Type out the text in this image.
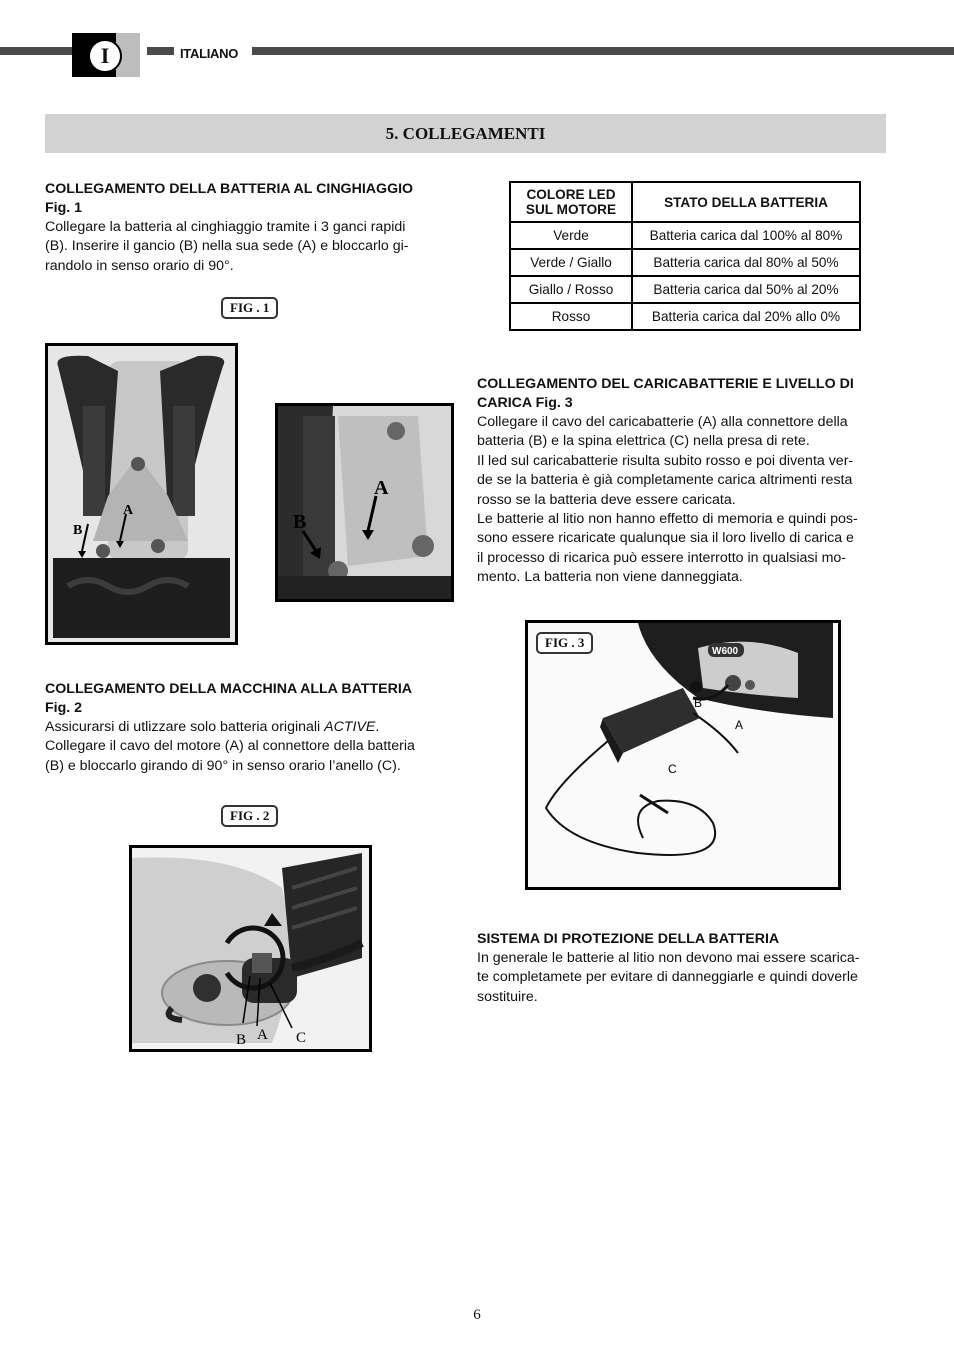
I	ITALIANO
5. COLLEGAMENTI
COLLEGAMENTO DELLA BATTERIA AL CINGHIAGGIO
Fig. 1
Collegare la batteria al cinghiaggio tramite i 3 ganci rapidi
(B). Inserire il gancio (B) nella sua sede (A) e bloccarlo gi-
randolo in senso orario di 90°.
FIG . 1
B
A
A
B
COLLEGAMENTO DELLA MACCHINA ALLA BATTERIA
Fig. 2
Assicurarsi di utlizzare solo batteria originali ACTIVE.
Collegare il cavo del motore (A) al connettore della batteria
(B) e bloccarlo girando di 90° in senso orario l’anello (C).
FIG . 2
B A C
COLORE LED
SUL MOTORE	STATO DELLA BATTERIA
Verde	Batteria carica dal 100% al 80%
Verde / Giallo	Batteria carica dal 80% al 50%
Giallo / Rosso	Batteria carica dal 50% al 20%
Rosso	Batteria carica dal 20% allo 0%
COLLEGAMENTO DEL CARICABATTERIE E LIVELLO DI
CARICA Fig. 3
Collegare il cavo del caricabatterie (A) alla connettore della
batteria (B) e la spina elettrica (C) nella presa di rete.
Il led sul caricabatterie risulta subito rosso e poi diventa ver-
de se la batteria è già completamente carica altrimenti resta
rosso se la batteria deve essere caricata.
Le batterie al litio non hanno effetto di memoria e quindi pos-
sono essere ricaricate qualunque sia il loro livello di carica e
il processo di ricarica può essere interrotto in qualsiasi mo-
mento. La batteria non viene danneggiata.
W600
B
A
C
FIG . 3
SISTEMA DI PROTEZIONE DELLA BATTERIA
In generale le batterie al litio non devono mai essere scarica-
te completamete per evitare di danneggiarle e quindi doverle
sostituire.
6
